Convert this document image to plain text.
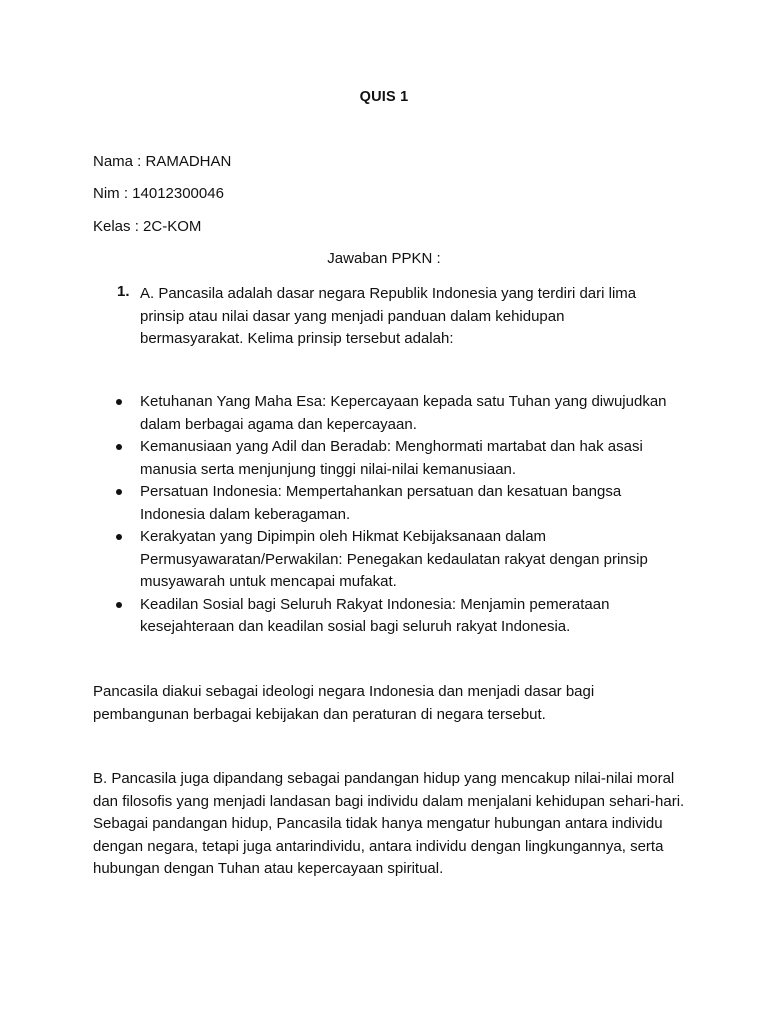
QUIS 1
Nama : RAMADHAN
Nim : 14012300046
Kelas : 2C-KOM
Jawaban PPKN :
1. A. Pancasila adalah dasar negara Republik Indonesia yang terdiri dari lima prinsip atau nilai dasar yang menjadi panduan dalam kehidupan bermasyarakat. Kelima prinsip tersebut adalah:
Ketuhanan Yang Maha Esa: Kepercayaan kepada satu Tuhan yang diwujudkan dalam berbagai agama dan kepercayaan.
Kemanusiaan yang Adil dan Beradab: Menghormati martabat dan hak asasi manusia serta menjunjung tinggi nilai-nilai kemanusiaan.
Persatuan Indonesia: Mempertahankan persatuan dan kesatuan bangsa Indonesia dalam keberagaman.
Kerakyatan yang Dipimpin oleh Hikmat Kebijaksanaan dalam Permusyawaratan/Perwakilan: Penegakan kedaulatan rakyat dengan prinsip musyawarah untuk mencapai mufakat.
Keadilan Sosial bagi Seluruh Rakyat Indonesia: Menjamin pemerataan kesejahteraan dan keadilan sosial bagi seluruh rakyat Indonesia.
Pancasila diakui sebagai ideologi negara Indonesia dan menjadi dasar bagi pembangunan berbagai kebijakan dan peraturan di negara tersebut.
B. Pancasila juga dipandang sebagai pandangan hidup yang mencakup nilai-nilai moral dan filosofis yang menjadi landasan bagi individu dalam menjalani kehidupan sehari-hari. Sebagai pandangan hidup, Pancasila tidak hanya mengatur hubungan antara individu dengan negara, tetapi juga antarindividu, antara individu dengan lingkungannya, serta hubungan dengan Tuhan atau kepercayaan spiritual.
